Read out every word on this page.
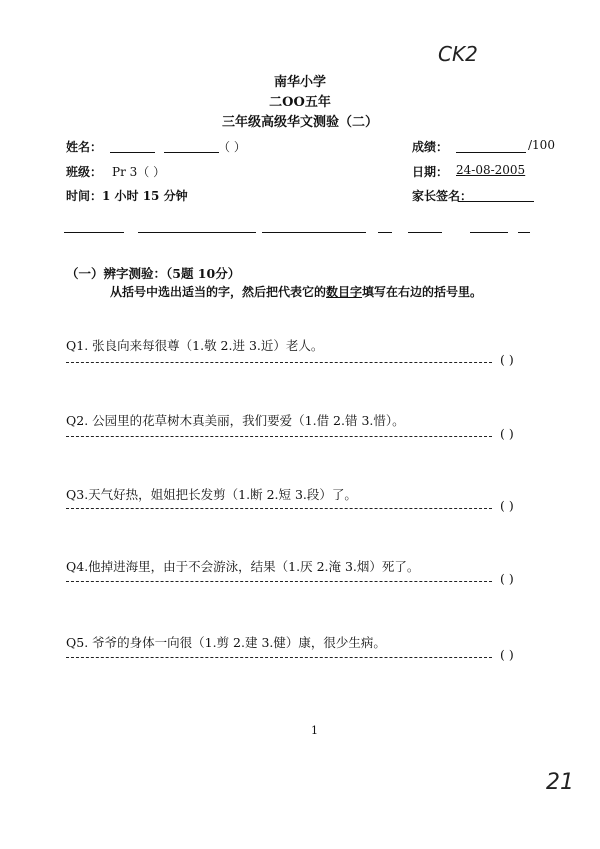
CK2
21
南华小学
二OO五年
三年级高级华文测验（二）
姓名：	（ ）	成绩：	/100
班级： Pr 3（ ）	日期： 24-08-2005
时间：1 小时 15 分钟	家长签名：
（一）辨字测验：（5题 10分）
从括号中选出适当的字，然后把代表它的数目字填写在右边的括号里。
Q1. 张良向来每很尊（1.敬 2.进 3.近）老人。
( )
Q2. 公园里的花草树木真美丽，我们要爱（1.借 2.错 3.惜）。
( )
Q3.天气好热，姐姐把长发剪（1.断 2.短 3.段）了。
( )
Q4.他掉进海里，由于不会游泳，结果（1.厌 2.淹 3.烟）死了。
( )
Q5. 爷爷的身体一向很（1.剪 2.建 3.健）康，很少生病。
( )
1
